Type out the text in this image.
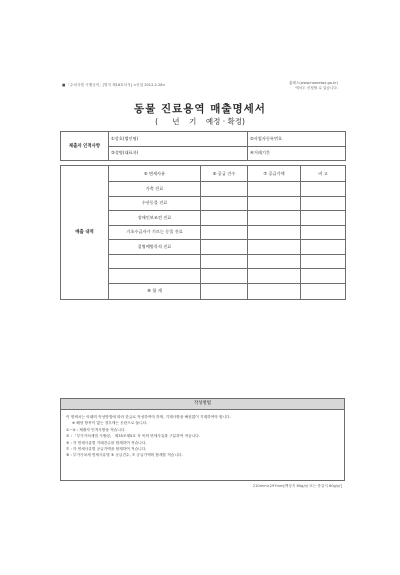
■ 「수의사법 시행규칙」[별지 제16호서식] <신설 2012.2.28>	홈택스(www.hometax.go.kr)
에서도 신청할 수 있습니다.
동물 진료용역 매출명세서
(      년    기    예정 · 확정)
제출자 인적사항	①상호(법인명)		②사업자등록번호	
	③성명(대표자)		④거래기간	

매출 내역	⑤ 면세사유	⑥ 공급 건수	⑦ 공급가액	비 고
	가축 진료			
	수산동물 진료			
	장애인보조견 진료			
	기초수급자가 기르는 동물 진료			
	질병예방목적 진료			

	⑧ 합 계			
작성방법
이 명세서는 아래의 작성방법에 따라 한글로 작성하여야 하며, 기재사항을 빠짐없이 기재하여야 합니다.
※ 해당 항목이 없는 경우에는 공란으로 둡니다.
①~④ : 제출자 인적사항을 적습니다.
⑤ : 「부가가치세법 시행령」 제35조제5호 각 목의 면세사유를 구분하여 적습니다.
⑥ : 각 면세사유별 거래건수를 합계하여 적습니다.
⑦ : 각 면세사유별 공급가액을 합계하여 적습니다.
⑧ : 부가가치세 면세사유별 ⑥ 공급건수, ⑦ 공급가액의 합계를 적습니다.
210mm×297mm[백상지 80g/㎡ 또는 중질지 80g/㎡]
